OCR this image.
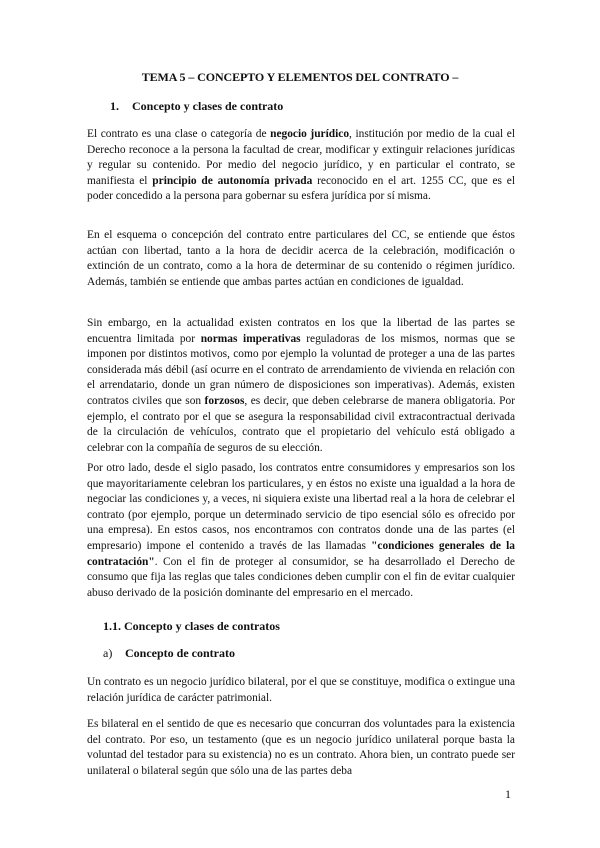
TEMA 5 – CONCEPTO Y ELEMENTOS DEL CONTRATO –
1. Concepto y clases de contrato

El contrato es una clase o categoría de negocio jurídico, institución por medio de la cual el Derecho reconoce a la persona la facultad de crear, modificar y extinguir relaciones jurídicas y regular su contenido. Por medio del negocio jurídico, y en particular el contrato, se manifiesta el principio de autonomía privada reconocido en el art. 1255 CC, que es el poder concedido a la persona para gobernar su esfera jurídica por sí misma.

En el esquema o concepción del contrato entre particulares del CC, se entiende que éstos actúan con libertad, tanto a la hora de decidir acerca de la celebración, modificación o extinción de un contrato, como a la hora de determinar de su contenido o régimen jurídico. Además, también se entiende que ambas partes actúan en condiciones de igualdad.

Sin embargo, en la actualidad existen contratos en los que la libertad de las partes se encuentra limitada por normas imperativas reguladoras de los mismos, normas que se imponen por distintos motivos, como por ejemplo la voluntad de proteger a una de las partes considerada más débil (así ocurre en el contrato de arrendamiento de vivienda en relación con el arrendatario, donde un gran número de disposiciones son imperativas). Además, existen contratos civiles que son forzosos, es decir, que deben celebrarse de manera obligatoria. Por ejemplo, el contrato por el que se asegura la responsabilidad civil extracontractual derivada de la circulación de vehículos, contrato que el propietario del vehículo está obligado a celebrar con la compañía de seguros de su elección.

Por otro lado, desde el siglo pasado, los contratos entre consumidores y empresarios son los que mayoritariamente celebran los particulares, y en éstos no existe una igualdad a la hora de negociar las condiciones y, a veces, ni siquiera existe una libertad real a la hora de celebrar el contrato (por ejemplo, porque un determinado servicio de tipo esencial sólo es ofrecido por una empresa). En estos casos, nos encontramos con contratos donde una de las partes (el empresario) impone el contenido a través de las llamadas "condiciones generales de la contratación". Con el fin de proteger al consumidor, se ha desarrollado el Derecho de consumo que fija las reglas que tales condiciones deben cumplir con el fin de evitar cualquier abuso derivado de la posición dominante del empresario en el mercado.

1.1. Concepto y clases de contratos
a) Concepto de contrato

Un contrato es un negocio jurídico bilateral, por el que se constituye, modifica o extingue una relación jurídica de carácter patrimonial.

Es bilateral en el sentido de que es necesario que concurran dos voluntades para la existencia del contrato. Por eso, un testamento (que es un negocio jurídico unilateral porque basta la voluntad del testador para su existencia) no es un contrato. Ahora bien, un contrato puede ser unilateral o bilateral según que sólo una de las partes deba

1
